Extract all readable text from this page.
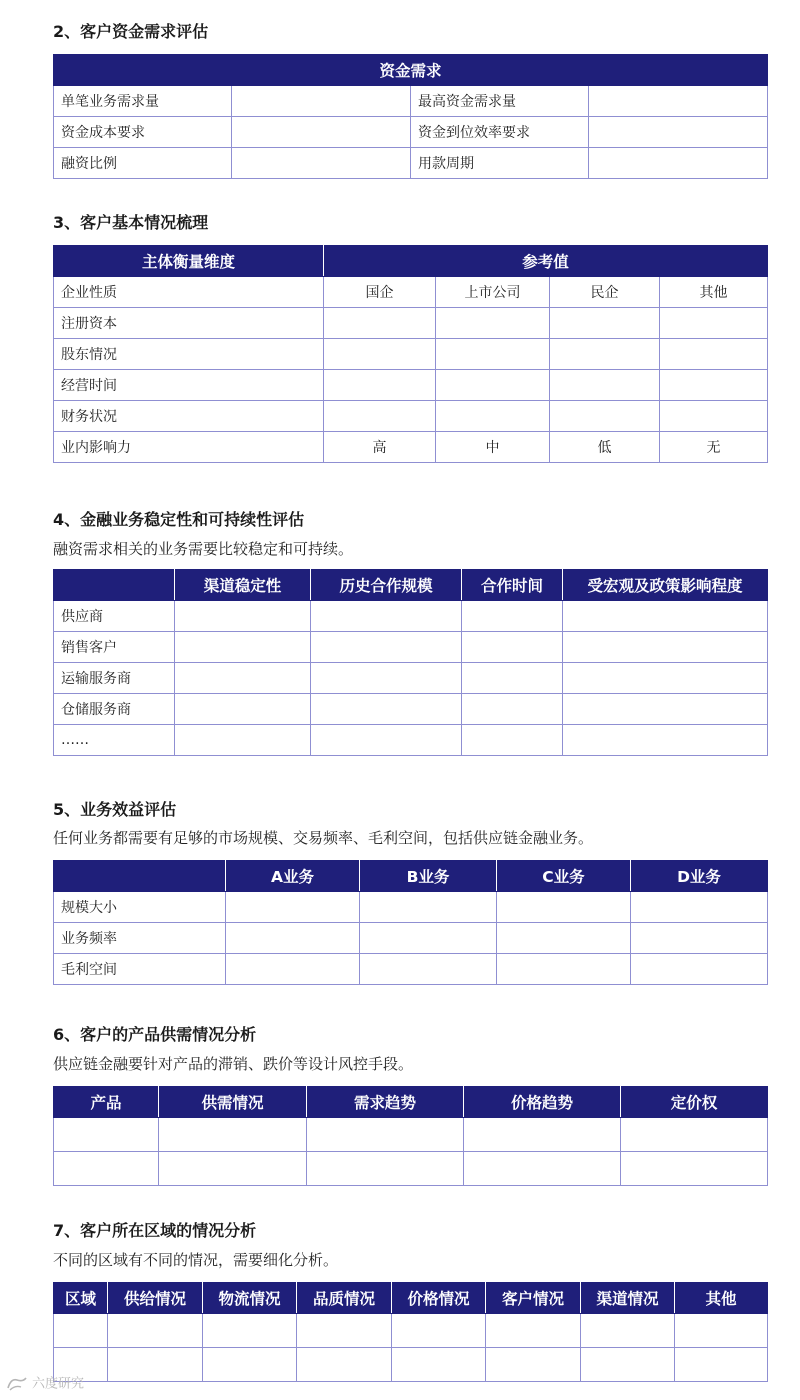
2、客户资金需求评估
资金需求			
单笔业务需求量		最高资金需求量	
资金成本要求		资金到位效率要求	
融资比例		用款周期	
3、客户基本情况梳理
主体衡量维度	参考值			
企业性质	国企	上市公司	民企	其他
注册资本				
股东情况				
经营时间				
财务状况				
业内影响力	高	中	低	无
4、金融业务稳定性和可持续性评估

融资需求相关的业务需要比较稳定和可持续。

	渠道稳定性	历史合作规模	合作时间	受宏观及政策影响程度
供应商				
销售客户				
运输服务商				
仓储服务商				
……				
5、业务效益评估

任何业务都需要有足够的市场规模、交易频率、毛利空间，包括供应链金融业务。

	A业务	B业务	C业务	D业务
规模大小				
业务频率				
毛利空间				
6、客户的产品供需情况分析

供应链金融要针对产品的滞销、跌价等设计风控手段。

产品	供需情况	需求趋势	价格趋势	定价权

7、客户所在区域的情况分析

不同的区域有不同的情况，需要细化分析。

区域	供给情况	物流情况	品质情况	价格情况	客户情况	渠道情况	其他

六度研究
